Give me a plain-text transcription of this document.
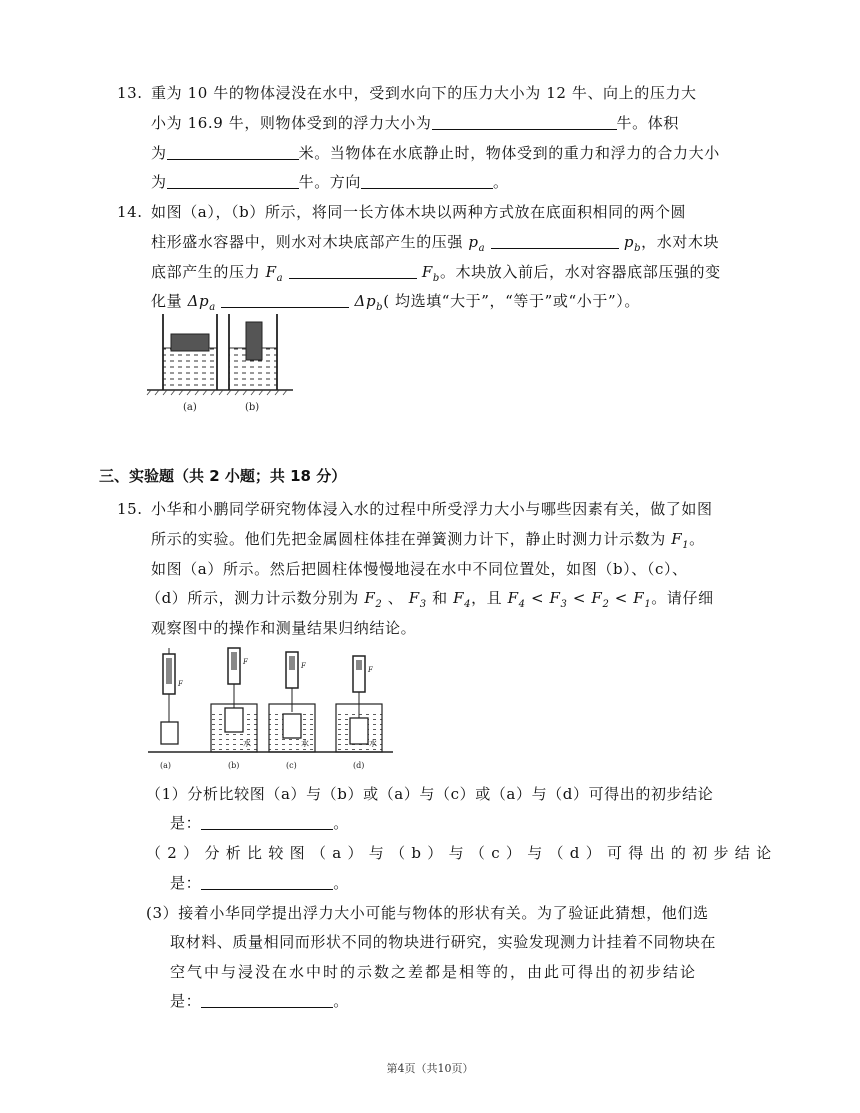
13. 重为 10 牛的物体浸没在水中，受到水向下的压力大小为 12 牛、向上的压力大
小为 16.9 牛，则物体受到的浮力大小为	牛。体积
为	米。当物体在水底静止时，物体受到的重力和浮力的合力大小
为	牛。方向	。
14. 如图（a），（b）所示，将同一长方体木块以两种方式放在底面积相同的两个圆
柱形盛水容器中，则水对木块底部产生的压强 $p_a$	$p_b$，水对木块
底部产生的压力 $F_a$	$F_b$。木块放入前后，水对容器底部压强的变
化量 $\Delta p_a$	$\Delta p_b$( 均选填“大于”，“等于”或“小于”）。
(a)	(b)
三、实验题（共 2 小题；共 18 分）
15. 小华和小鹏同学研究物体浸入水的过程中所受浮力大小与哪些因素有关，做了如图
所示的实验。他们先把金属圆柱体挂在弹簧测力计下，静止时测力计示数为 $F_1$。
如图（a）所示。然后把圆柱体慢慢地浸在水中不同位置处，如图（b）、（c）、
（d）所示，测力计示数分别为 $F_2$ 、 $F_3$ 和 $F_4$，且 $F_4 < F_3 < F_2 < F_1$。请仔细
观察图中的操作和测量结果归纳结论。
F
F
水
F
水
F
水
(a)	(b)	(c)	(d)
（1）分析比较图（a）与（b）或（a）与（c）或（a）与（d）可得出的初步结论
是：	。
（2）分析比较图（a）与（b）与（c）与（d）可得出的初步结论
是：	。
(3）接着小华同学提出浮力大小可能与物体的形状有关。为了验证此猜想，他们选
取材料、质量相同而形状不同的物块进行研究，实验发现测力计挂着不同物块在
空气中与浸没在水中时的示数之差都是相等的，由此可得出的初步结论
是：	。
第4页（共10页）
